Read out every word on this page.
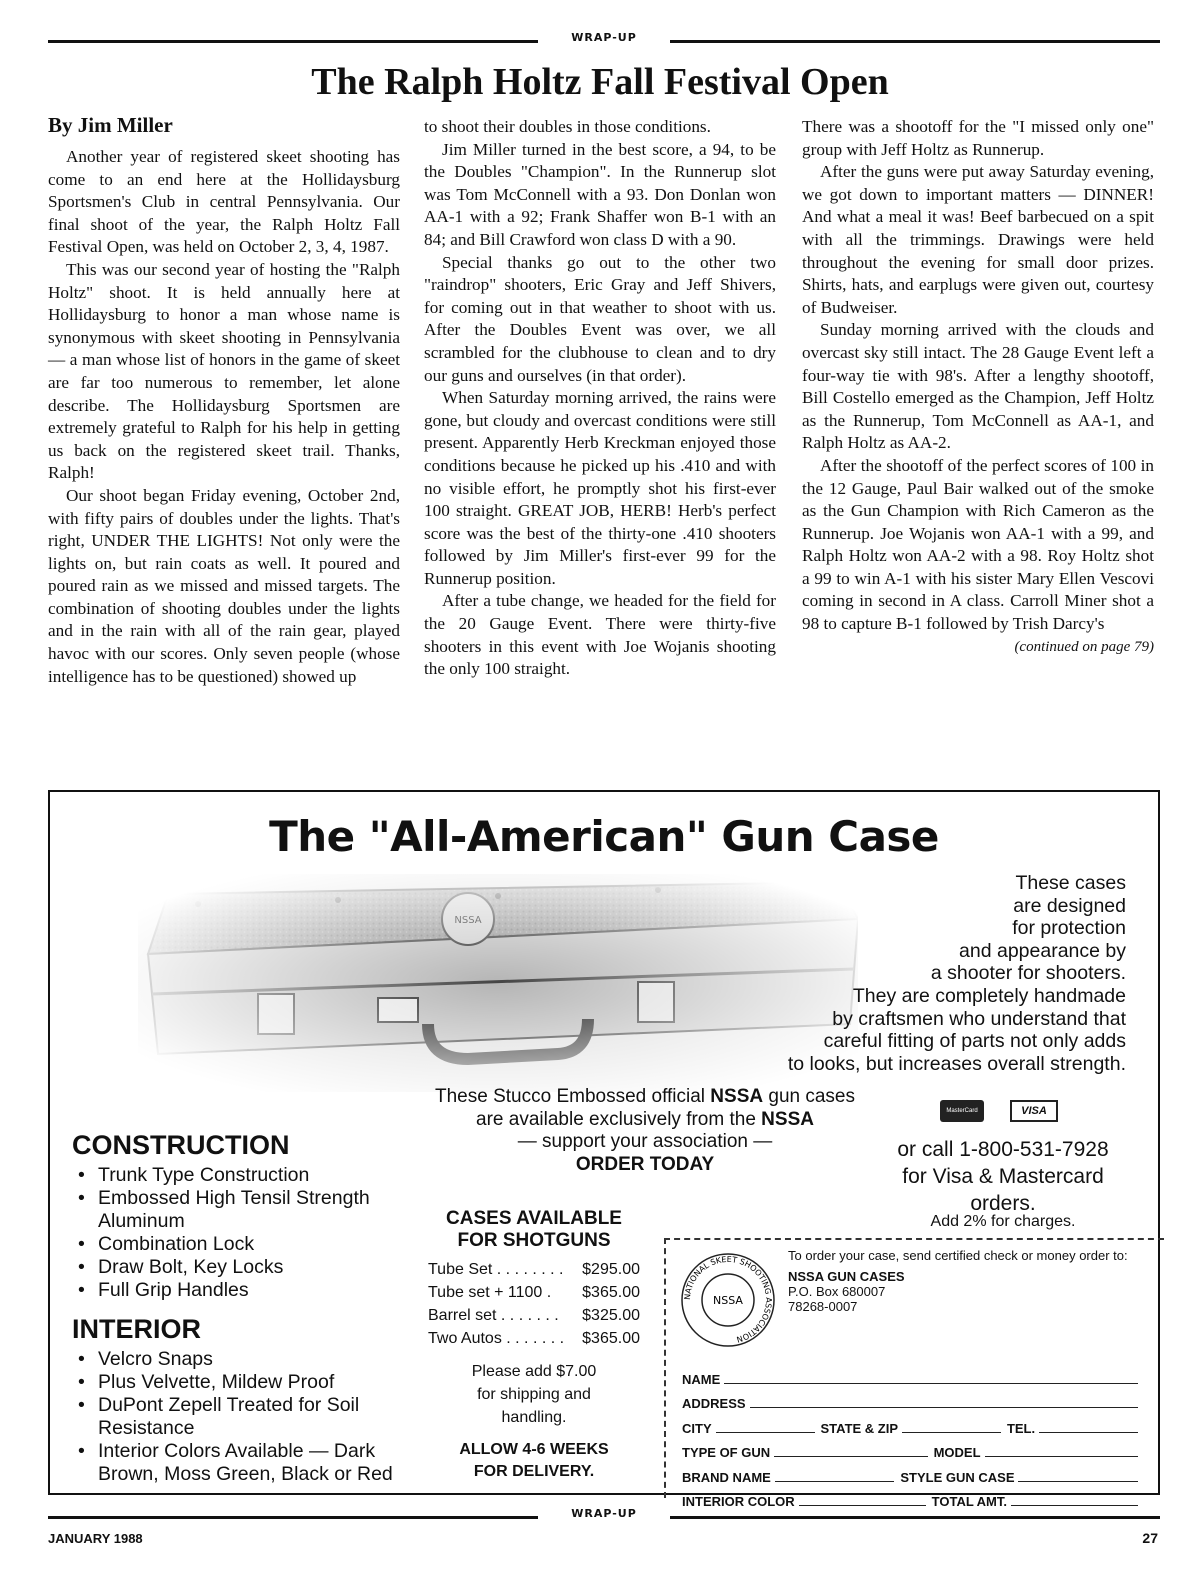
WRAP-UP
The Ralph Holtz Fall Festival Open
By Jim Miller

Another year of registered skeet shooting has come to an end here at the Hollidaysburg Sportsmen's Club in central Pennsylvania. Our final shoot of the year, the Ralph Holtz Fall Festival Open, was held on October 2, 3, 4, 1987.

This was our second year of hosting the "Ralph Holtz" shoot. It is held annually here at Hollidaysburg to honor a man whose name is synonymous with skeet shooting in Pennsylvania — a man whose list of honors in the game of skeet are far too numerous to remember, let alone describe. The Hollidaysburg Sportsmen are extremely grateful to Ralph for his help in getting us back on the registered skeet trail. Thanks, Ralph!

Our shoot began Friday evening, October 2nd, with fifty pairs of doubles under the lights. That's right, UNDER THE LIGHTS! Not only were the lights on, but rain coats as well. It poured and poured rain as we missed and missed targets. The combination of shooting doubles under the lights and in the rain with all of the rain gear, played havoc with our scores. Only seven people (whose intelligence has to be questioned) showed up

to shoot their doubles in those conditions.

Jim Miller turned in the best score, a 94, to be the Doubles "Champion". In the Runnerup slot was Tom McConnell with a 93. Don Donlan won AA-1 with a 92; Frank Shaffer won B-1 with an 84; and Bill Crawford won class D with a 90.

Special thanks go out to the other two "raindrop" shooters, Eric Gray and Jeff Shivers, for coming out in that weather to shoot with us. After the Doubles Event was over, we all scrambled for the clubhouse to clean and to dry our guns and ourselves (in that order).

When Saturday morning arrived, the rains were gone, but cloudy and overcast conditions were still present. Apparently Herb Kreckman enjoyed those conditions because he picked up his .410 and with no visible effort, he promptly shot his first-ever 100 straight. GREAT JOB, HERB! Herb's perfect score was the best of the thirty-one .410 shooters followed by Jim Miller's first-ever 99 for the Runnerup position.

After a tube change, we headed for the field for the 20 Gauge Event. There were thirty-five shooters in this event with Joe Wojanis shooting the only 100 straight.

There was a shootoff for the "I missed only one" group with Jeff Holtz as Runnerup.

After the guns were put away Saturday evening, we got down to important matters — DINNER! And what a meal it was! Beef barbecued on a spit with all the trimmings. Drawings were held throughout the evening for small door prizes. Shirts, hats, and earplugs were given out, courtesy of Budweiser.

Sunday morning arrived with the clouds and overcast sky still intact. The 28 Gauge Event left a four-way tie with 98's. After a lengthy shootoff, Bill Costello emerged as the Champion, Jeff Holtz as the Runnerup, Tom McConnell as AA-1, and Ralph Holtz as AA-2.

After the shootoff of the perfect scores of 100 in the 12 Gauge, Paul Bair walked out of the smoke as the Gun Champion with Rich Cameron as the Runnerup. Joe Wojanis won AA-1 with a 99, and Ralph Holtz won AA-2 with a 98. Roy Holtz shot a 99 to win A-1 with his sister Mary Ellen Vescovi coming in second in A class. Carroll Miner shot a 98 to capture B-1 followed by Trish Darcy's

(continued on page 79)

The "All-American" Gun Case
These cases
are designed
for protection
and appearance by
a shooter for shooters.
They are completely handmade
by craftsmen who understand that
careful fitting of parts not only adds
to looks, but increases overall strength.
These Stucco Embossed official NSSA gun cases
are available exclusively from the NSSA
— support your association —
ORDER TODAY
MasterCard	VISA
or call 1-800-531-7928
for Visa & Mastercard
orders.
Add 2% for charges.
CONSTRUCTION
• Trunk Type Construction
• Embossed High Tensil Strength Aluminum
• Combination Lock
• Draw Bolt, Key Locks
• Full Grip Handles
INTERIOR
• Velcro Snaps
• Plus Velvette, Mildew Proof
• DuPont Zepell Treated for Soil Resistance
• Interior Colors Available — Dark Brown, Moss Green, Black or Red
CASES AVAILABLE
FOR SHOTGUNS
Tube Set . . . . . . . . $295.00
Tube set + 1100 . $365.00
Barrel set . . . . . . . $325.00
Two Autos . . . . . . . $365.00
Please add $7.00
for shipping and
handling.
ALLOW 4-6 WEEKS
FOR DELIVERY.
NATIONAL SKEET SHOOTING ASSOCIATION
NSSA
To order your case, send certified check or money order to:
NSSA GUN CASES
P.O. Box 680007
78268-0007
NAME
ADDRESS
CITY	STATE & ZIP	TEL.
TYPE OF GUN	MODEL
BRAND NAME	STYLE GUN CASE
INTERIOR COLOR	TOTAL AMT.
WRAP-UP
JANUARY 1988	27
